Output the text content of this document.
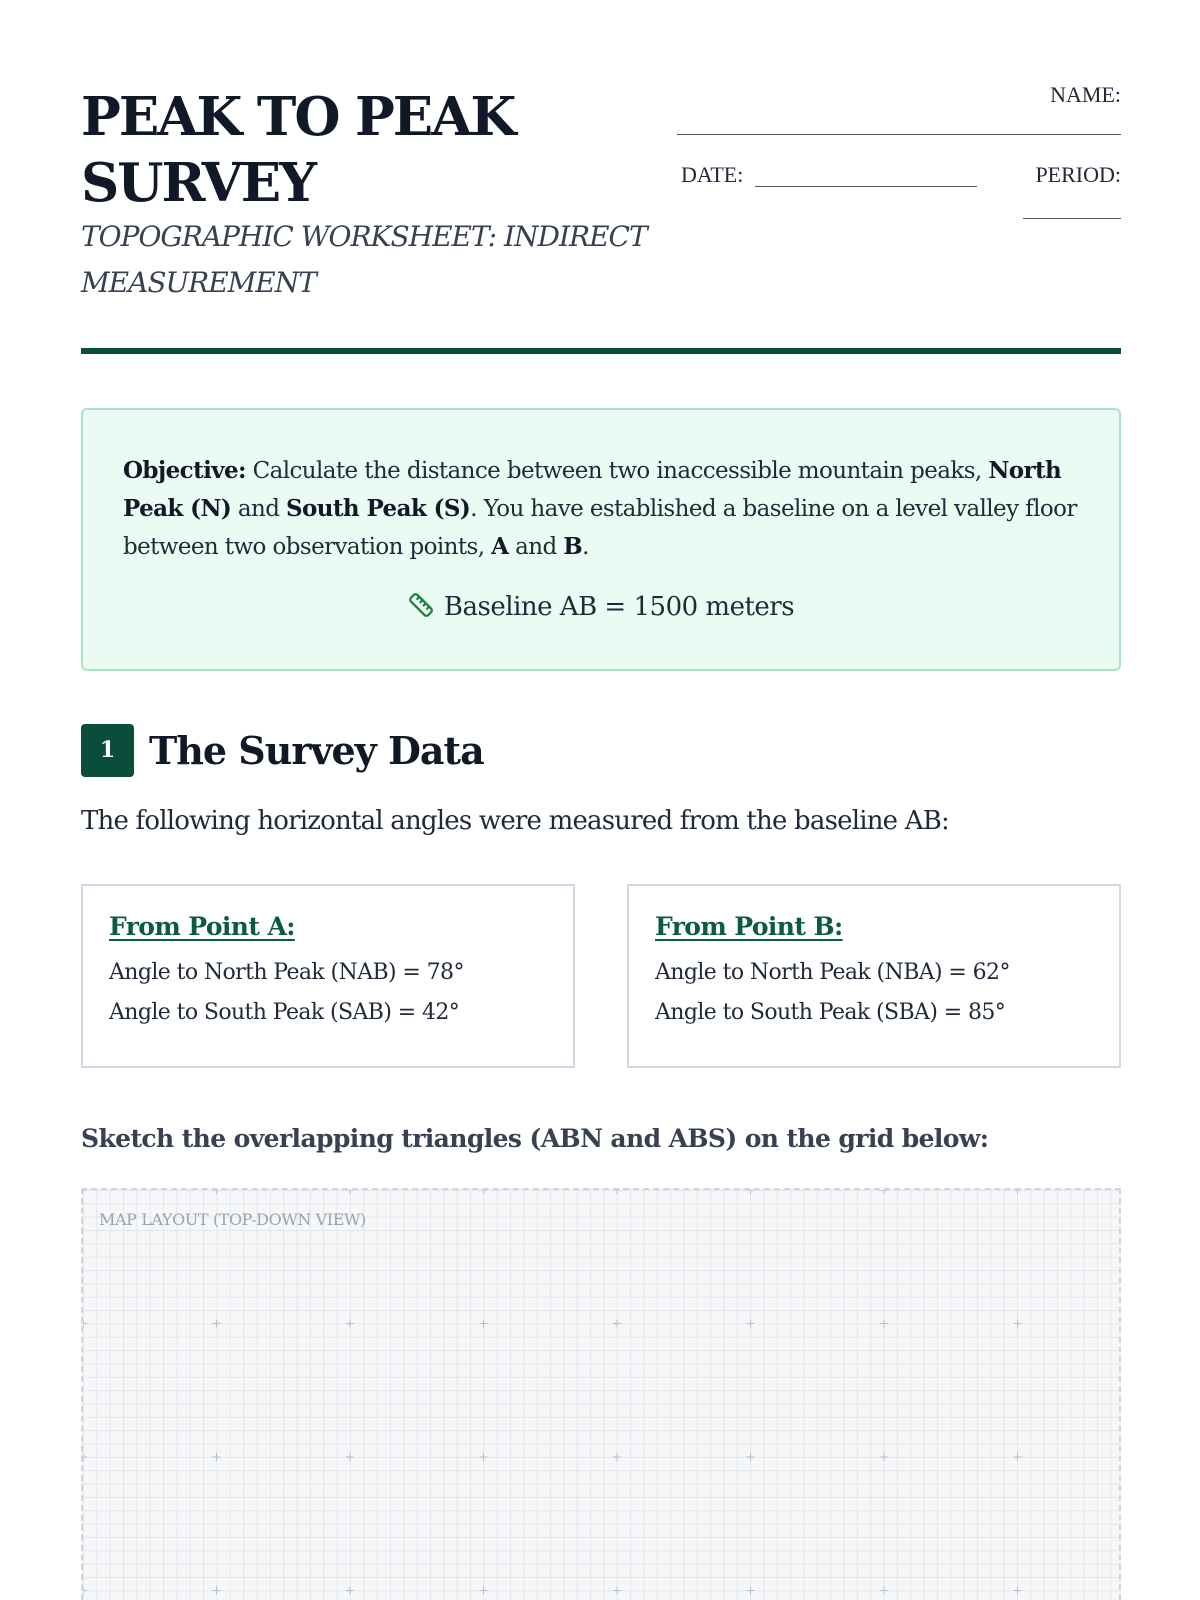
PEAK TO PEAK SURVEY
TOPOGRAPHIC WORKSHEET: INDIRECT MEASUREMENT
NAME:
DATE:	PERIOD:

Objective: Calculate the distance between two inaccessible mountain peaks, North Peak (N) and South Peak (S). You have established a baseline on a level valley floor between two observation points, A and B.

Baseline AB = 1500 meters
1 The Survey Data
The following horizontal angles were measured from the baseline AB:
From Point A:
Angle to North Peak (NAB) = 78°
Angle to South Peak (SAB) = 42°
From Point B:
Angle to North Peak (NBA) = 62°
Angle to South Peak (SBA) = 85°
Sketch the overlapping triangles (ABN and ABS) on the grid below:
MAP LAYOUT (TOP-DOWN VIEW)
